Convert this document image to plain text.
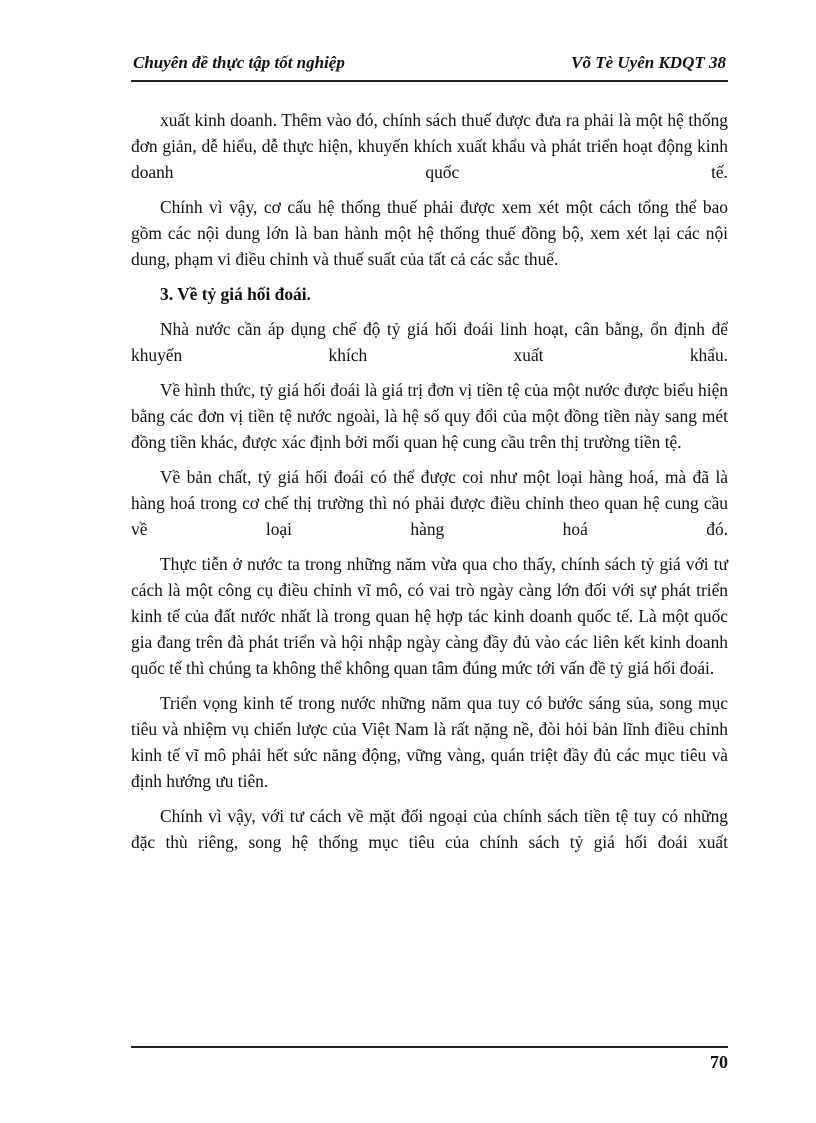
Chuyên đề thực tập tốt nghiệp	Võ Tè Uyên KDQT 38

xuất kinh doanh. Thêm vào đó, chính sách thuế được đưa ra phải là một hệ thống đơn giản, dễ hiểu, dễ thực hiện, khuyến khích xuất khẩu và phát triển hoạt động kinh doanh quốc tế.

Chính vì vậy, cơ cấu hệ thống thuế phải được xem xét một cách tổng thể bao gồm các nội dung lớn là ban hành một hệ thống thuế đồng bộ, xem xét lại các nội dung, phạm vi điều chỉnh và thuế suất của tất cả các sắc thuế.

3. Về tỷ giá hối đoái.

Nhà nước cần áp dụng chế độ tỷ giá hối đoái linh hoạt, cân bằng, ổn định để khuyến khích xuất khẩu.

Về hình thức, tỷ giá hối đoái là giá trị đơn vị tiền tệ của một nước được biểu hiện bằng các đơn vị tiền tệ nước ngoài, là hệ số quy đổi của một đồng tiền này sang mét đồng tiền khác, được xác định bởi mối quan hệ cung cầu trên thị trường tiền tệ.

Về bản chất, tỷ giá hối đoái có thể được coi như một loại hàng hoá, mà đã là hàng hoá trong cơ chế thị trường thì nó phải được điều chỉnh theo quan hệ cung cầu về loại hàng hoá đó.

Thực tiễn ở nước ta trong những năm vừa qua cho thấy, chính sách tỷ giá với tư cách là một công cụ điều chỉnh vĩ mô, có vai trò ngày càng lớn đối với sự phát triển kinh tế của đất nước nhất là trong quan hệ hợp tác kinh doanh quốc tế. Là một quốc gia đang trên đà phát triển và hội nhập ngày càng đầy đủ vào các liên kết kinh doanh quốc tế thì chúng ta không thể không quan tâm đúng mức tới vấn đề tỷ giá hối đoái.

Triển vọng kinh tế trong nước những năm qua tuy có bước sáng sủa, song mục tiêu và nhiệm vụ chiến lược của Việt Nam là rất nặng nề, đòi hỏi bản lĩnh điều chỉnh kinh tế vĩ mô phải hết sức năng động, vững vàng, quán triệt đầy đủ các mục tiêu và định hướng ưu tiên.

Chính vì vậy, với tư cách về mặt đối ngoại của chính sách tiền tệ tuy có những đặc thù riêng, song hệ thống mục tiêu của chính sách tỷ giá hối đoái xuất

70
